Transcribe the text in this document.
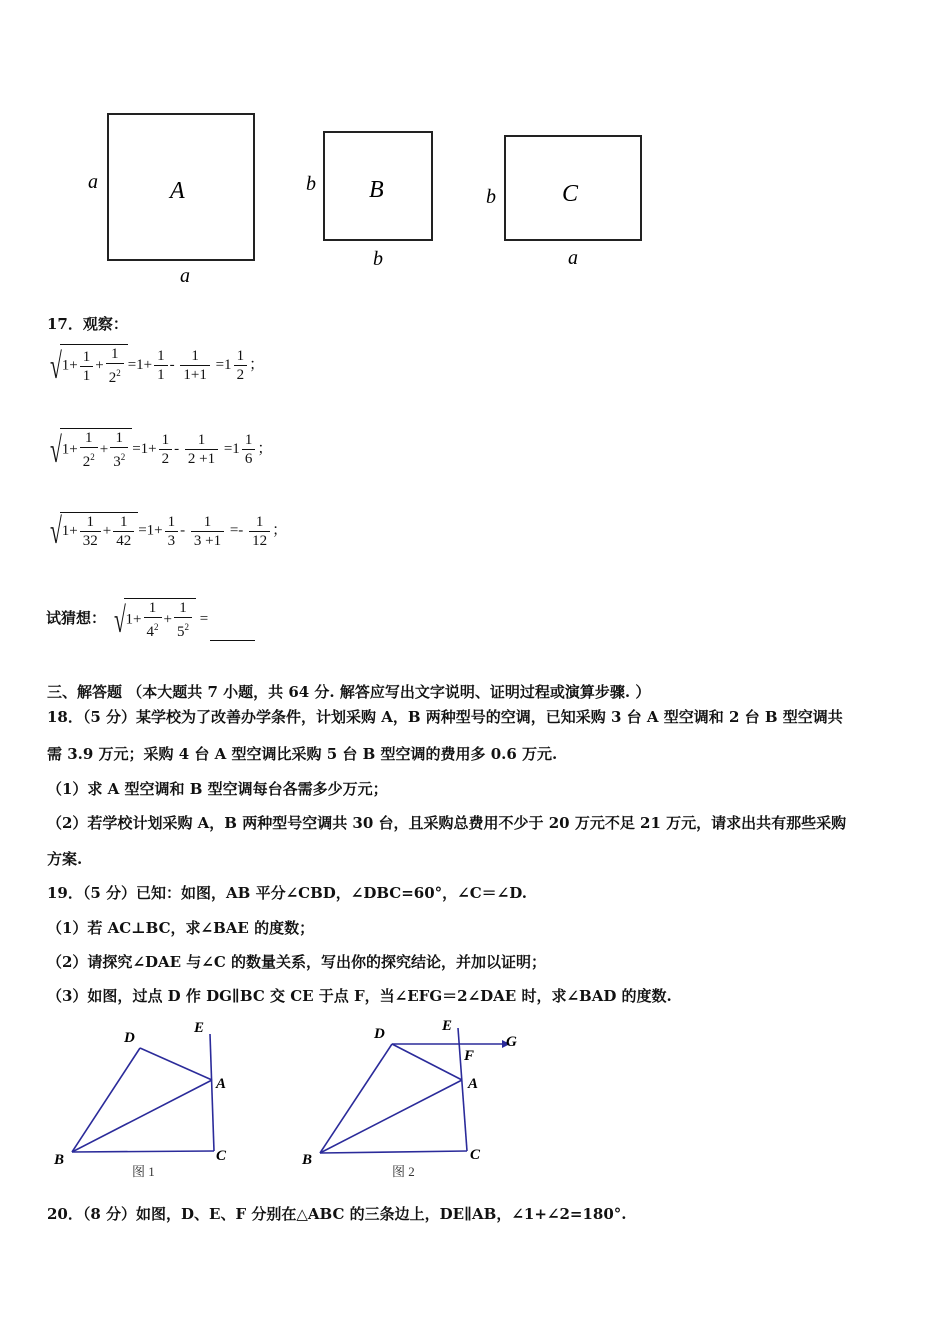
A
a
a
B
b
b
C
b
a
17．观察：
$√1+ \frac{1}{1} + \frac{1}{2^2} =1+ \frac{1}{1} - \frac{1}{1+1} =1 \frac{1}{2}$ ；
$√1+ \frac{1}{2^2} + \frac{1}{3^2} =1+ \frac{1}{2} - \frac{1}{2 +1} =1 \frac{1}{6}$ ；
$√1+ \frac{1}{32} + \frac{1}{42} =1+ \frac{1}{3} - \frac{1}{3 +1} =- \frac{1}{12}$ ；
试猜想： $√1+ \frac{1}{4^2} + \frac{1}{5^2}$ =
三、解答题 （本大题共 7 小题，共 64 分. 解答应写出文字说明、证明过程或演算步骤. ）
18．（5 分）某学校为了改善办学条件，计划采购 A，B 两种型号的空调，已知采购 3 台 A 型空调和 2 台 B 型空调共
需 3.9 万元；采购 4 台 A 型空调比采购 5 台 B 型空调的费用多 0.6 万元.
（1）求 A 型空调和 B 型空调每台各需多少万元；
（2）若学校计划采购 A，B 两种型号空调共 30 台，且采购总费用不少于 20 万元不足 21 万元，请求出共有那些采购
方案.
19．（5 分）已知：如图，AB 平分∠CBD，∠DBC=60°，∠C＝∠D.
（1）若 AC⊥BC，求∠BAE 的度数；
（2）请探究∠DAE 与∠C 的数量关系，写出你的探究结论，并加以证明；
（3）如图，过点 D 作 DG∥BC 交 CE 于点 F，当∠EFG＝2∠DAE 时，求∠BAD 的度数.
D
E
A
B	C
图 1
D	E
G
F
A
B	C
图 2
20．（8 分）如图，D、E、F 分别在△ABC 的三条边上，DE∥AB，∠1+∠2=180°.
